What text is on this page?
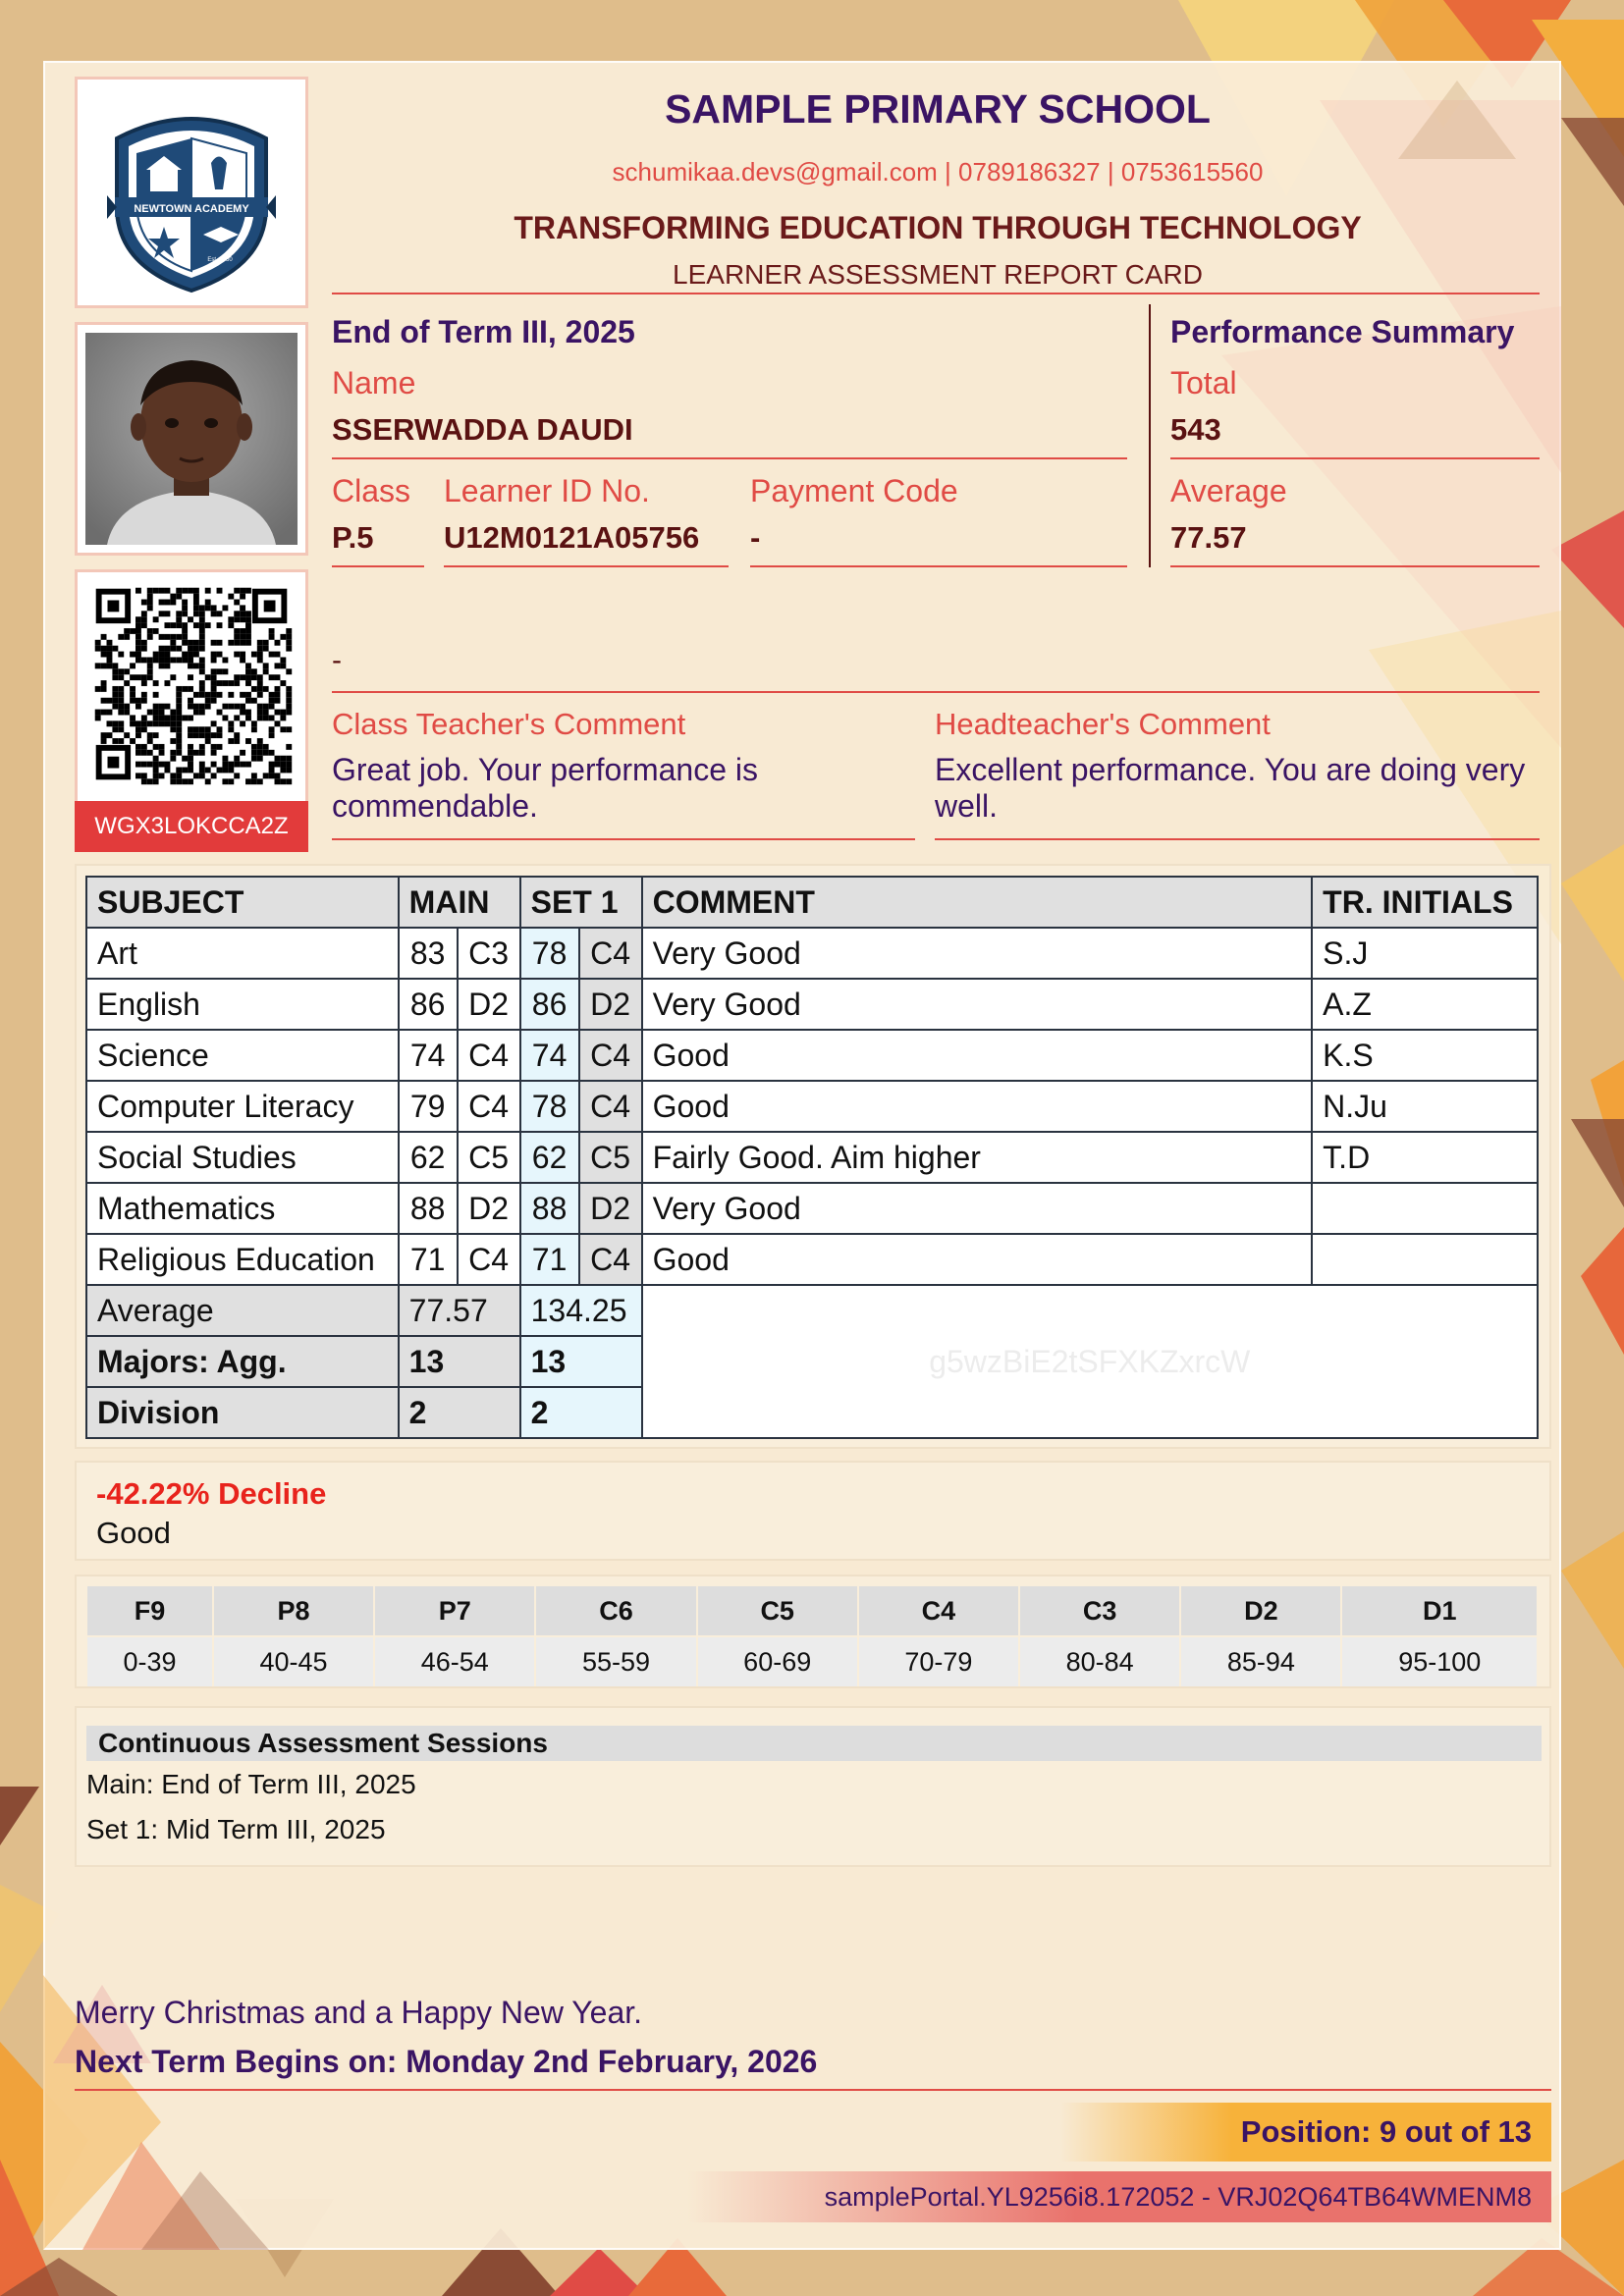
NEWTOWN ACADEMY
Est. 1950
WGX3LOKCCA2Z
SAMPLE PRIMARY SCHOOL
schumikaa.devs@gmail.com | 0789186327 | 0753615560
TRANSFORMING EDUCATION THROUGH TECHNOLOGY
LEARNER ASSESSMENT REPORT CARD
End of Term III, 2025
Name
SSERWADDA DAUDI
Class
P.5
Learner ID No.
U12M0121A05756
Payment Code
-
Performance Summary
Total
543
Average
77.57
-
Class Teacher's Comment
Great job. Your performance is commendable.
Headteacher's Comment
Excellent performance. You are doing very well.
SUBJECT	MAIN		SET 1		COMMENT	TR. INITIALS
Art	83	C3	78	C4	Very Good	S.J
English	86	D2	86	D2	Very Good	A.Z
Science	74	C4	74	C4	Good	K.S
Computer Literacy	79	C4	78	C4	Good	N.Ju
Social Studies	62	C5	62	C5	Fairly Good. Aim higher	T.D
Mathematics	88	D2	88	D2	Very Good	
Religious Education	71	C4	71	C4	Good	
Average	77.57		134.25		g5wzBiE2tSFXKZxrcW	

Majors: Agg.	13		13			
Division	2		2			
-42.22% Decline
Good
F9	P8	P7	C6	C5	C4	C3	D2	D1
0-39	40-45	46-54	55-59	60-69	70-79	80-84	85-94	95-100
Continuous Assessment Sessions
Main: End of Term III, 2025
Set 1: Mid Term III, 2025
Merry Christmas and a Happy New Year.
Next Term Begins on: Monday 2nd February, 2026
Position: 9 out of 13
samplePortal.YL9256i8.172052 - VRJ02Q64TB64WMENM8
